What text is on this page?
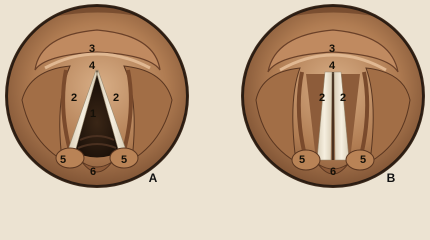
1
2	2
3
4
5	5
6	A
2 2
3
4
5	5
6	B
